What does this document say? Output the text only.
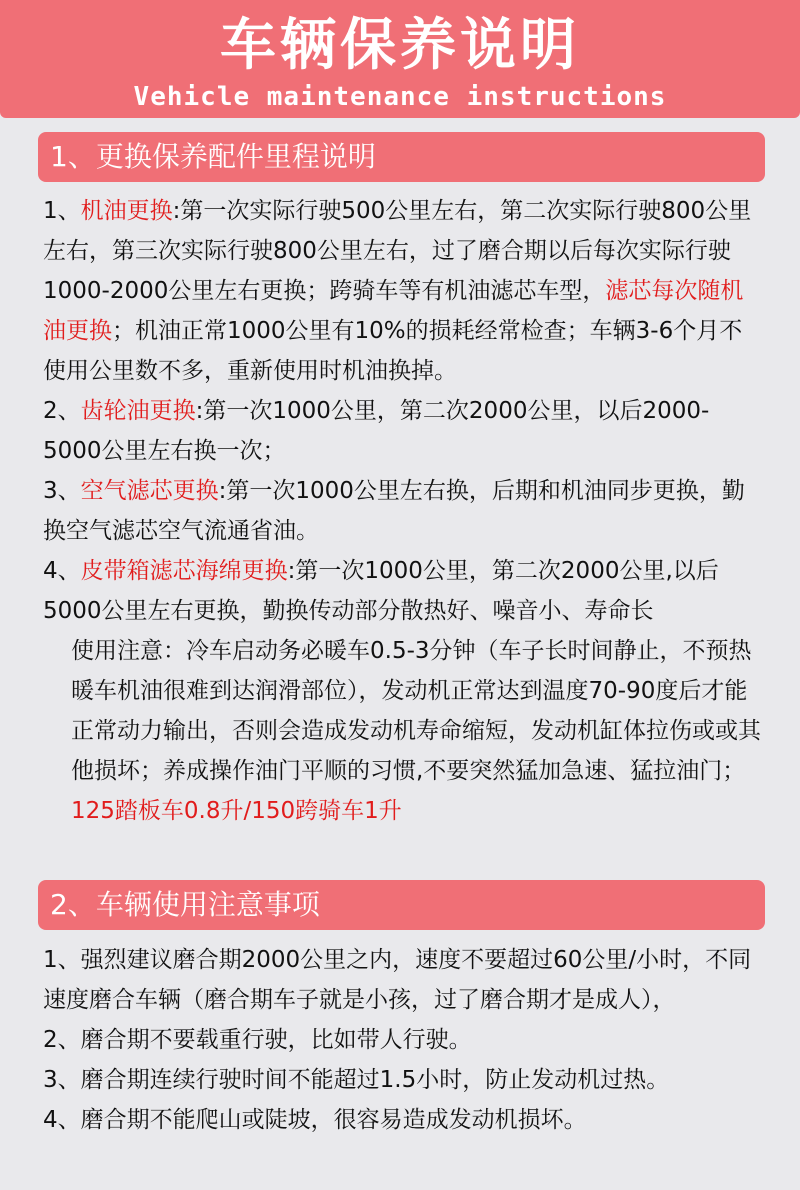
车辆保养说明
Vehicle maintenance instructions
1、更换保养配件里程说明

1、机油更换:第一次实际行驶500公里左右，第二次实际行驶800公里左右，第三次实际行驶800公里左右，过了磨合期以后每次实际行驶1000-2000公里左右更换；跨骑车等有机油滤芯车型，滤芯每次随机油更换；机油正常1000公里有10%的损耗经常检查；车辆3-6个月不使用公里数不多，重新使用时机油换掉。

2、齿轮油更换:第一次1000公里，第二次2000公里，以后2000-5000公里左右换一次；

3、空气滤芯更换:第一次1000公里左右换，后期和机油同步更换，勤换空气滤芯空气流通省油。

4、皮带箱滤芯海绵更换:第一次1000公里，第二次2000公里,以后5000公里左右更换，勤换传动部分散热好、噪音小、寿命长

使用注意：冷车启动务必暖车0.5-3分钟（车子长时间静止，不预热暖车机油很难到达润滑部位），发动机正常达到温度70-90度后才能正常动力输出，否则会造成发动机寿命缩短，发动机缸体拉伤或或其他损坏；养成操作油门平顺的习惯,不要突然猛加急速、猛拉油门；125踏板车0.8升/150跨骑车1升

2、车辆使用注意事项

1、强烈建议磨合期2000公里之内，速度不要超过60公里/小时，不同速度磨合车辆（磨合期车子就是小孩，过了磨合期才是成人），

2、磨合期不要载重行驶，比如带人行驶。

3、磨合期连续行驶时间不能超过1.5小时，防止发动机过热。

4、磨合期不能爬山或陡坡，很容易造成发动机损坏。
